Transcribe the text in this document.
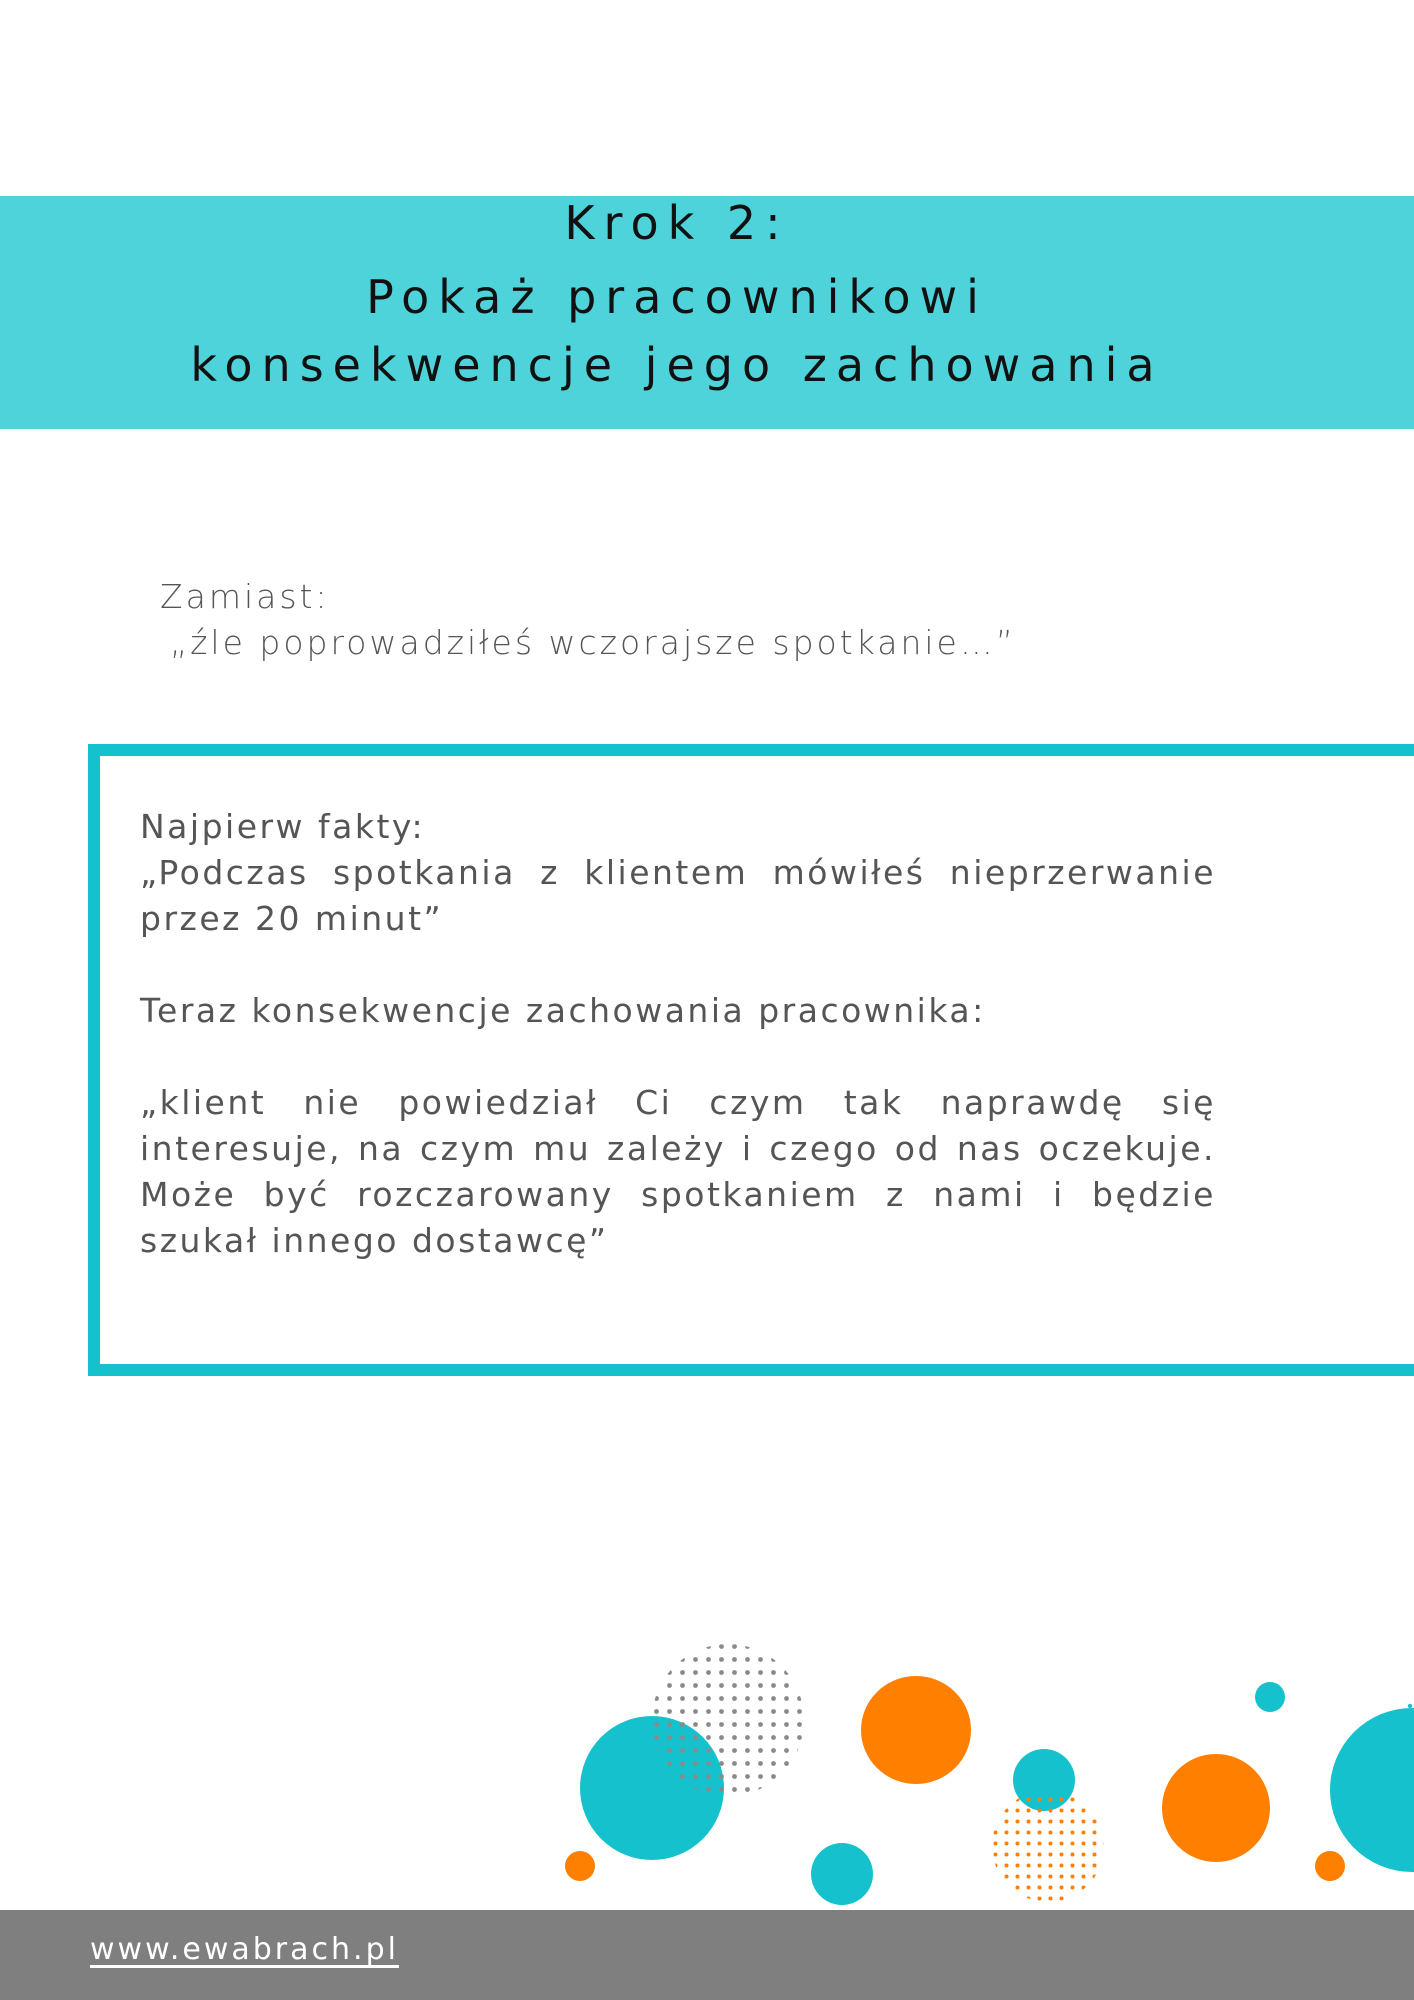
Krok 2:
Pokaż pracownikowi
konsekwencje jego zachowania
Zamiast:
„źle poprowadziłeś wczorajsze spotkanie…”
Najpierw fakty:
„Podczas spotkania z klientem mówiłeś nieprzerwanie przez 20 minut”
Teraz konsekwencje zachowania pracownika:
„klient nie powiedział Ci czym tak naprawdę się interesuje, na czym mu zależy i czego od nas oczekuje. Może być rozczarowany spotkaniem z nami i będzie szukał innego dostawcę”
www.ewabrach.pl
